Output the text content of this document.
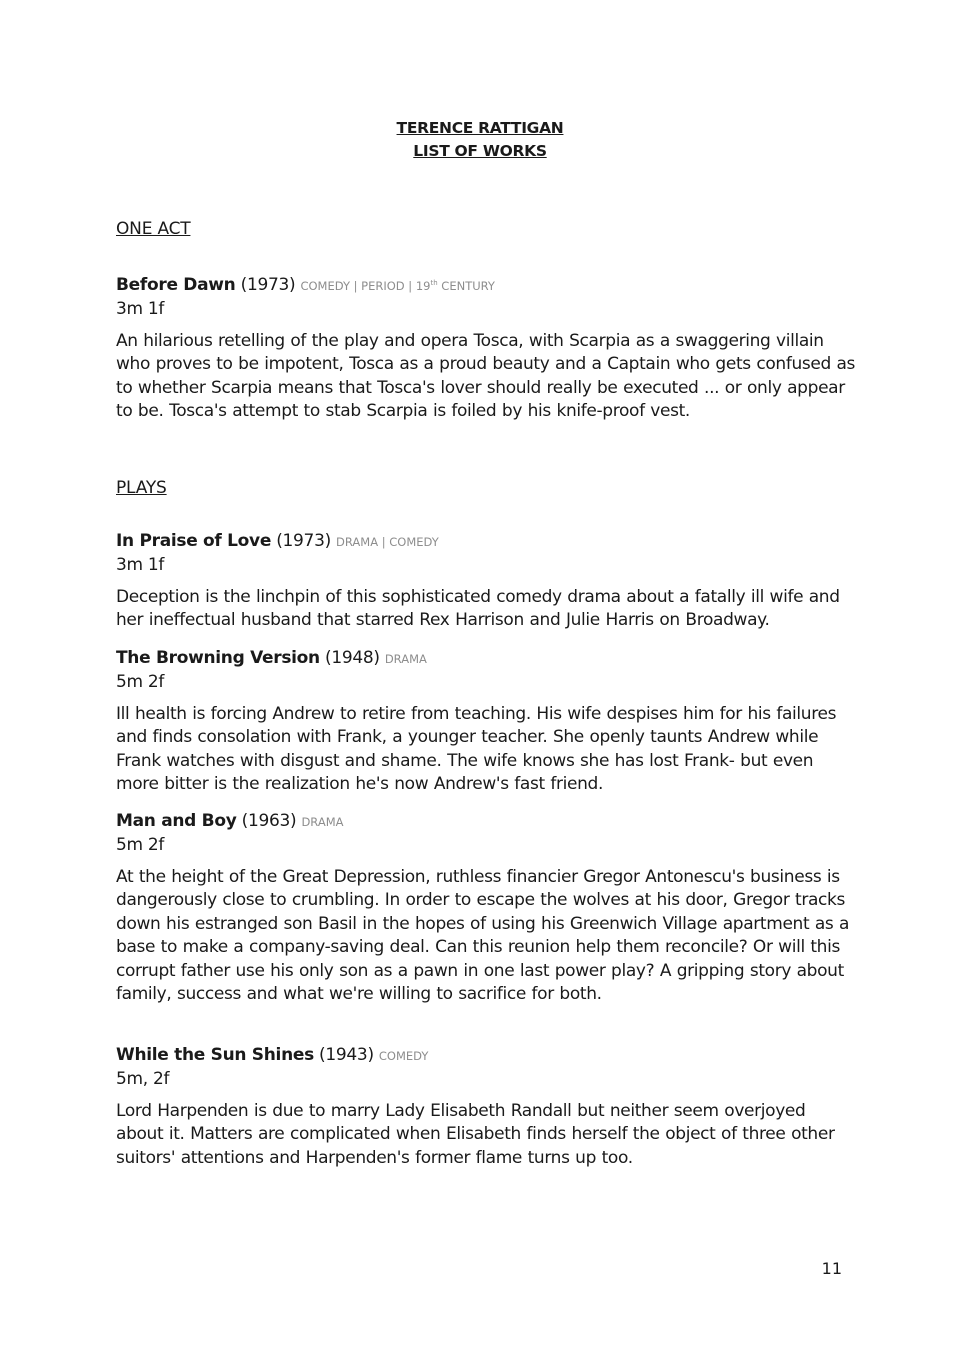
TERENCE RATTIGAN
LIST OF WORKS
ONE ACT
Before Dawn (1973) COMEDY | PERIOD | 19th CENTURY
3m 1f
An hilarious retelling of the play and opera Tosca, with Scarpia as a swaggering villain who proves to be impotent, Tosca as a proud beauty and a Captain who gets confused as to whether Scarpia means that Tosca's lover should really be executed ... or only appear to be. Tosca's attempt to stab Scarpia is foiled by his knife-proof vest.
PLAYS
In Praise of Love (1973) DRAMA | COMEDY
3m 1f
Deception is the linchpin of this sophisticated comedy drama about a fatally ill wife and her ineffectual husband that starred Rex Harrison and Julie Harris on Broadway.
The Browning Version (1948) DRAMA
5m 2f
Ill health is forcing Andrew to retire from teaching. His wife despises him for his failures and finds consolation with Frank, a younger teacher. She openly taunts Andrew while Frank watches with disgust and shame. The wife knows she has lost Frank- but even more bitter is the realization he's now Andrew's fast friend.
Man and Boy (1963) DRAMA
5m 2f
At the height of the Great Depression, ruthless financier Gregor Antonescu's business is dangerously close to crumbling. In order to escape the wolves at his door, Gregor tracks down his estranged son Basil in the hopes of using his Greenwich Village apartment as a base to make a company-saving deal. Can this reunion help them reconcile? Or will this corrupt father use his only son as a pawn in one last power play? A gripping story about family, success and what we're willing to sacrifice for both.
While the Sun Shines (1943) COMEDY
5m, 2f
Lord Harpenden is due to marry Lady Elisabeth Randall but neither seem overjoyed about it. Matters are complicated when Elisabeth finds herself the object of three other suitors' attentions and Harpenden's former flame turns up too.
11
